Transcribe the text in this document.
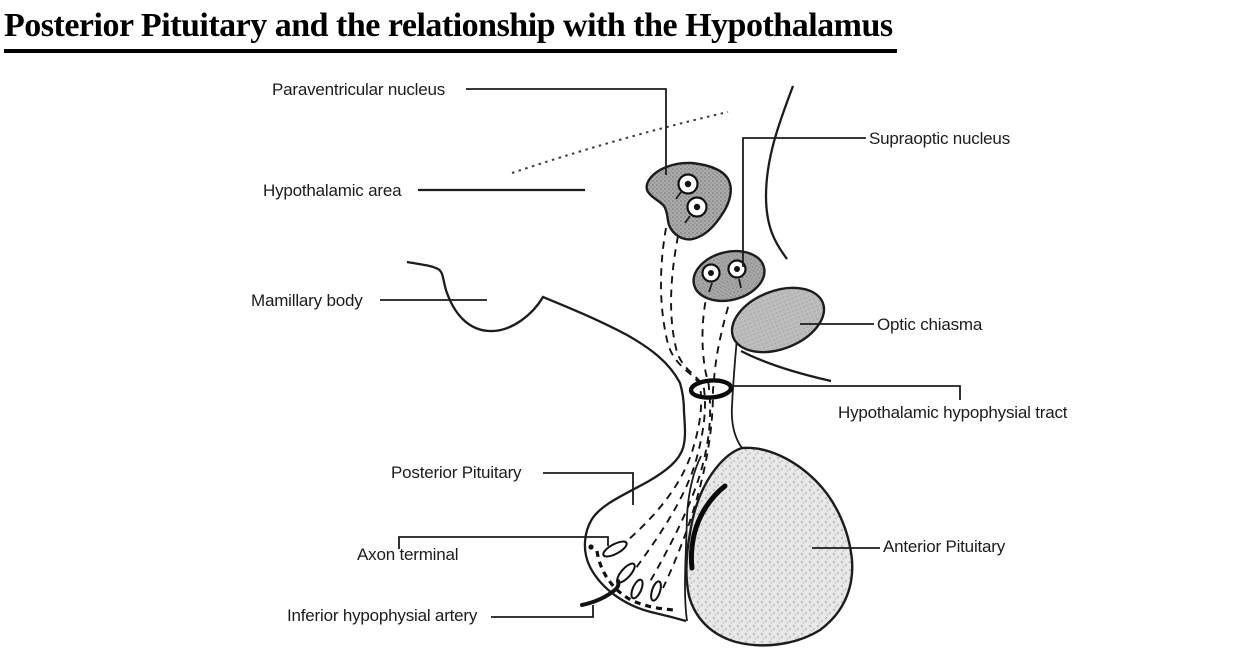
Posterior Pituitary and the relationship with the Hypothalamus
Paraventricular nucleus
Hypothalamic area
Mamillary body
Supraoptic nucleus
Optic chiasma
Hypothalamic hypophysial tract
Posterior Pituitary
Axon terminal	Anterior Pituitary
Inferior hypophysial artery
